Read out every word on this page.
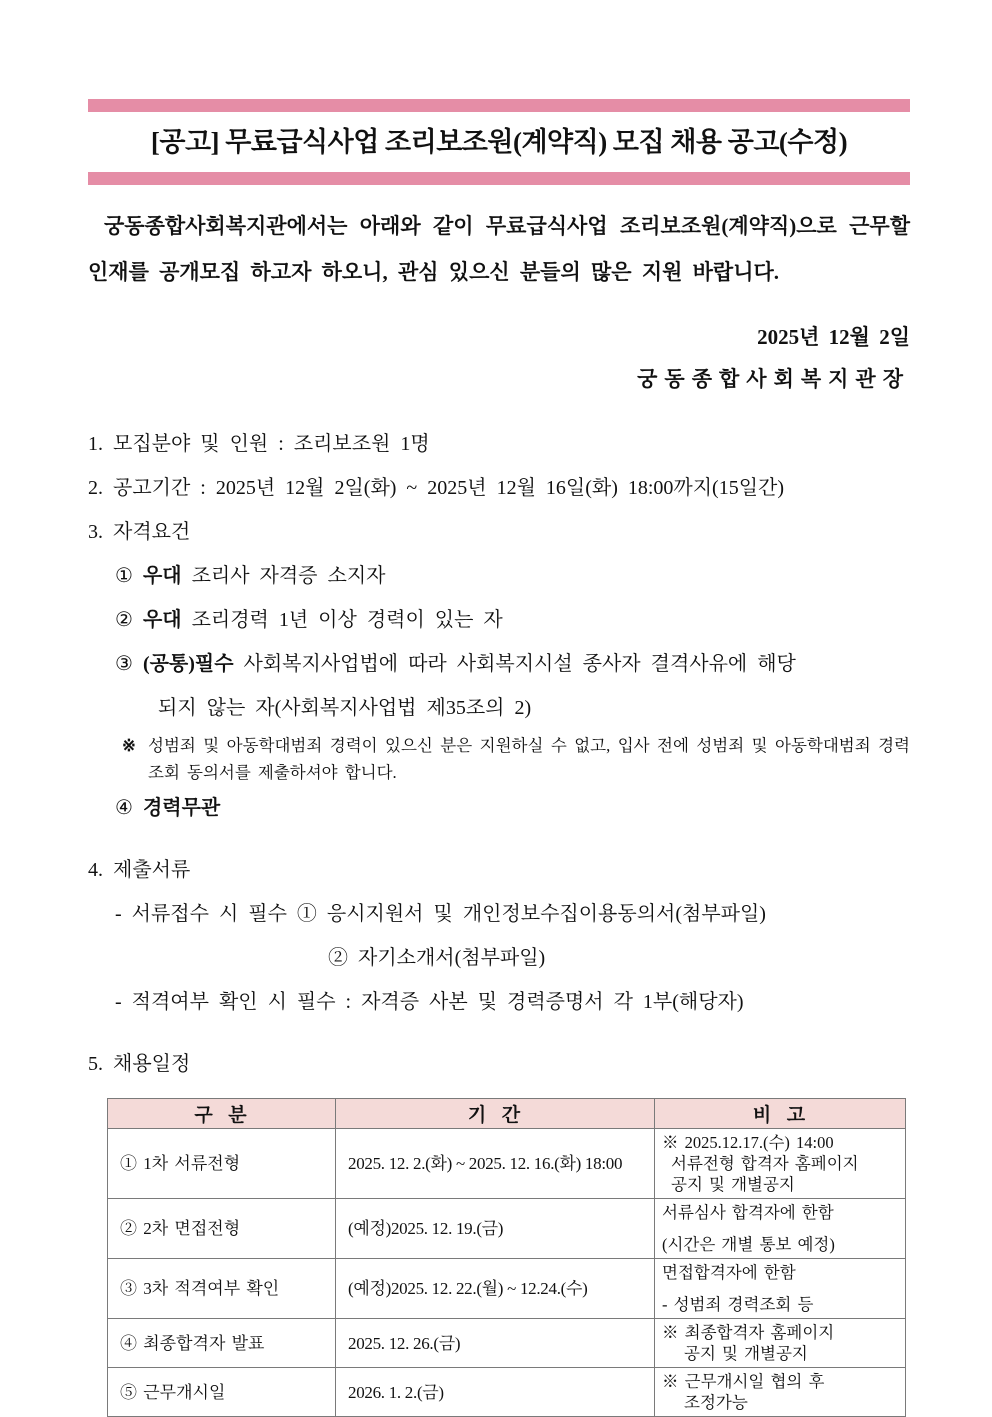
[공고] 무료급식사업 조리보조원(계약직) 모집 채용 공고(수정)

궁동종합사회복지관에서는 아래와 같이 무료급식사업 조리보조원(계약직)으로 근무할 인재를 공개모집 하고자 하오니, 관심 있으신 분들의 많은 지원 바랍니다.

2025년 12월 2일
궁동종합사회복지관장
1. 모집분야 및 인원 : 조리보조원 1명
2. 공고기간 : 2025년 12월 2일(화) ~ 2025년 12월 16일(화) 18:00까지(15일간)
3. 자격요건
① 우대 조리사 자격증 소지자
② 우대 조리경력 1년 이상 경력이 있는 자
③ (공통)필수 사회복지사업법에 따라 사회복지시설 종사자 결격사유에 해당
되지 않는 자(사회복지사업법 제35조의 2)
※ 성범죄 및 아동학대범죄 경력이 있으신 분은 지원하실 수 없고, 입사 전에 성범죄 및 아동학대범죄 경력 조회 동의서를 제출하셔야 합니다.
④ 경력무관
4. 제출서류
- 서류접수 시 필수 ① 응시지원서 및 개인정보수집이용동의서(첨부파일)
② 자기소개서(첨부파일)
- 적격여부 확인 시 필수 : 자격증 사본 및 경력증명서 각 1부(해당자)
5. 채용일정
구  분	기  간	비  고
① 1차 서류전형	2025. 12. 2.(화) ~ 2025. 12. 16.(화) 18:00	※ 2025.12.17.(수) 14:00
서류전형 합격자 홈페이지
공지 및 개별공지

② 2차 면접전형	(예정)2025. 12. 19.(금)	서류심사 합격자에 한함
(시간은 개별 통보 예정)

③ 3차 적격여부 확인	(예정)2025. 12. 22.(월) ~ 12.24.(수)	면접합격자에 한함
- 성범죄 경력조회 등

④ 최종합격자 발표	2025. 12. 26.(금)	※ 최종합격자 홈페이지
공지 및 개별공지

⑤ 근무개시일	2026. 1. 2.(금)	※ 근무개시일 협의 후
조정가능
